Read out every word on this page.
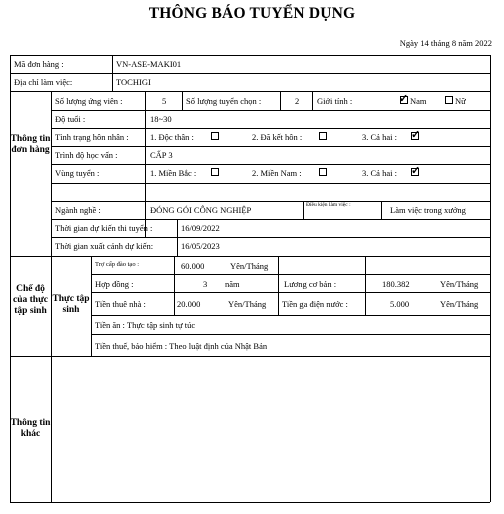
THÔNG BÁO TUYỂN DỤNG
Ngày 14 tháng 8 năm 2022
Mã đơn hàng :	VN-ASE-MAKI01
Địa chỉ làm việc:	TOCHIGI
Thông tin đơn hàng
Số lượng ứng viên :	5 Số lượng tuyển chọn :	2 Giới tính :	✓ Nam	Nữ
Độ tuổi :	18~30
Tình trạng hôn nhân :	1. Độc thân :	2. Đã kết hôn :	3. Cả hai : ✓
Trình độ học vấn :	CẤP 3
Vùng tuyển :	1. Miền Bắc :	2. Miền Nam :	3. Cả hai : ✓
Ngành nghề :	ĐÓNG GÓI CÔNG NGHIỆP	Điều kiện làm việc :	Làm việc trong xưởng
Thời gian dự kiến thi tuyển :	16/09/2022
Thời gian xuất cảnh dự kiến:	16/05/2023
Chế độ của thực tập sinh
Thực tập sinh
Trợ cấp đào tạo :	60.000	Yên/Tháng
Hợp đồng :	3 năm	Lương cơ bản :	180.382	Yên/Tháng
Tiền thuê nhà :	20.000	Yên/Tháng Tiền ga điện nước :	5.000	Yên/Tháng
Tiền ăn : Thực tập sinh tự túc
Tiền thuế, bảo hiểm : Theo luật định của Nhật Bản
Thông tin khác
